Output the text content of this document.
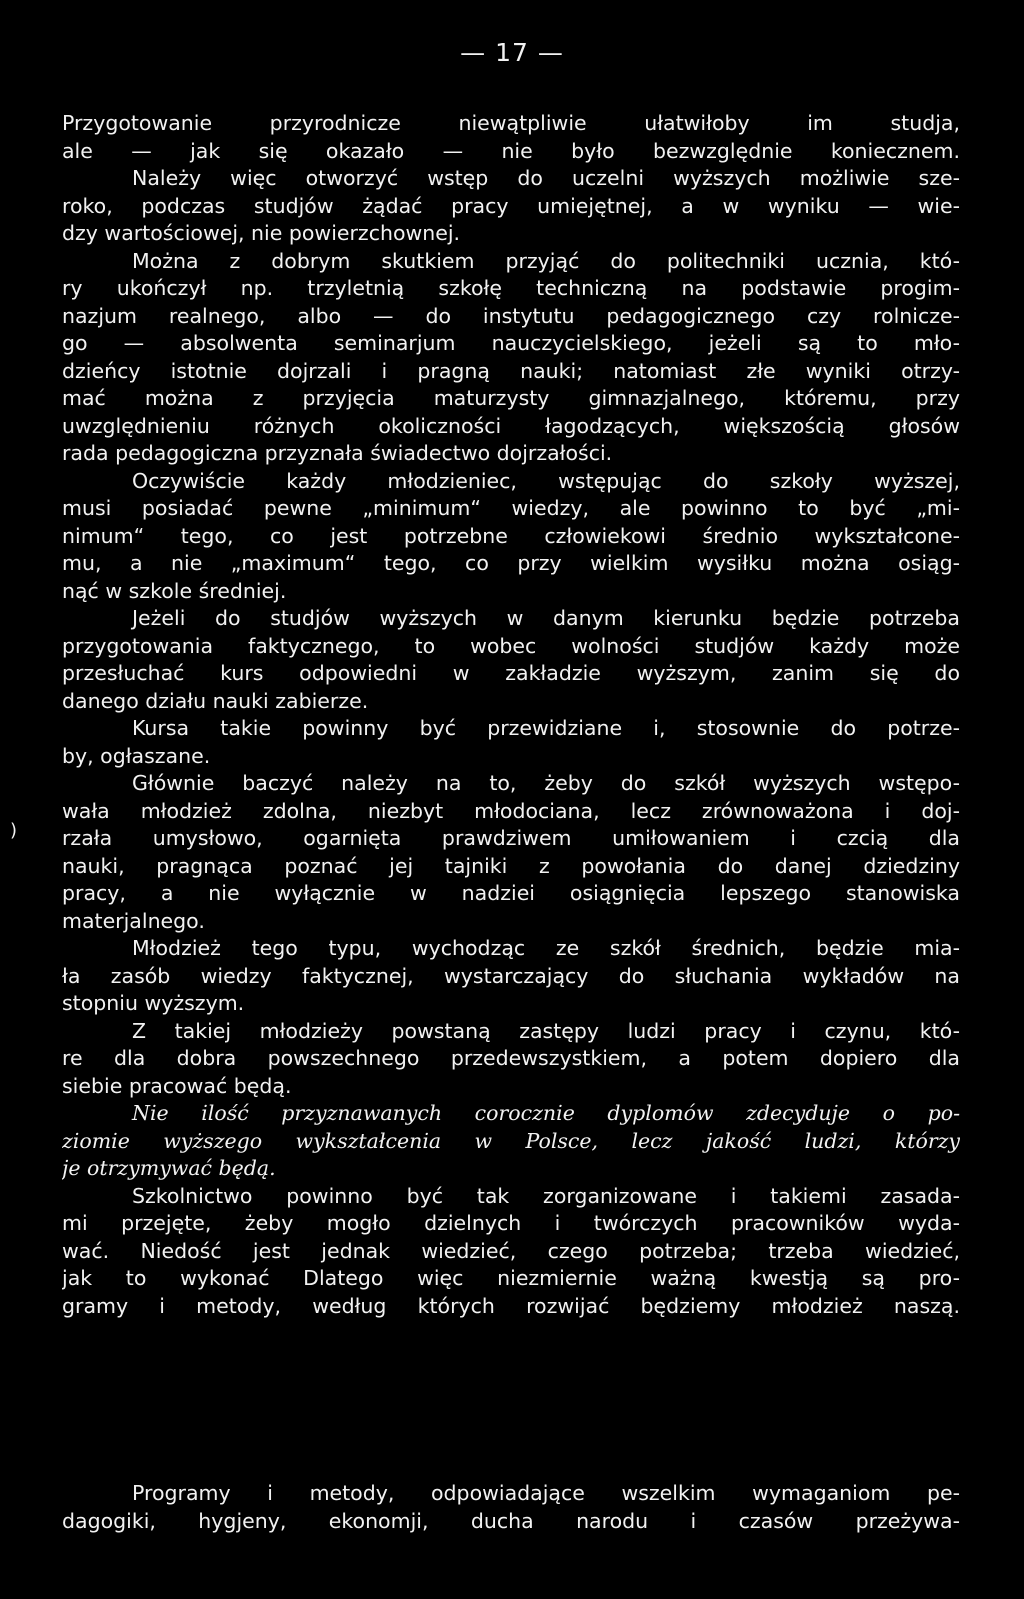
— 17 —
)
Przygotowanie przyrodnicze niewątpliwie ułatwiłoby im studja,
ale — jak się okazało — nie było bezwzględnie koniecznem.
Należy więc otworzyć wstęp do uczelni wyższych możliwie sze-
roko, podczas studjów żądać pracy umiejętnej, a w wyniku — wie-
dzy wartościowej, nie powierzchownej.
Można z dobrym skutkiem przyjąć do politechniki ucznia, któ-
ry ukończył np. trzyletnią szkołę techniczną na podstawie progim-
nazjum realnego, albo — do instytutu pedagogicznego czy rolnicze-
go — absolwenta seminarjum nauczycielskiego, jeżeli są to mło-
dzieńcy istotnie dojrzali i pragną nauki; natomiast złe wyniki otrzy-
mać można z przyjęcia maturzysty gimnazjalnego, któremu, przy
uwzględnieniu różnych okoliczności łagodzących, większością głosów
rada pedagogiczna przyznała świadectwo dojrzałości.
Oczywiście każdy młodzieniec, wstępując do szkoły wyższej,
musi posiadać pewne „minimum“ wiedzy, ale powinno to być „mi-
nimum“ tego, co jest potrzebne człowiekowi średnio wykształcone-
mu, a nie „maximum“ tego, co przy wielkim wysiłku można osiąg-
nąć w szkole średniej.
Jeżeli do studjów wyższych w danym kierunku będzie potrzeba
przygotowania faktycznego, to wobec wolności studjów każdy może
przesłuchać kurs odpowiedni w zakładzie wyższym, zanim się do
danego działu nauki zabierze.
Kursa takie powinny być przewidziane i, stosownie do potrze-
by, ogłaszane.
Głównie baczyć należy na to, żeby do szkół wyższych wstępo-
wała młodzież zdolna, niezbyt młodociana, lecz zrównoważona i doj-
rzała umysłowo, ogarnięta prawdziwem umiłowaniem i czcią dla
nauki, pragnąca poznać jej tajniki z powołania do danej dziedziny
pracy, a nie wyłącznie w nadziei osiągnięcia lepszego stanowiska
materjalnego.
Młodzież tego typu, wychodząc ze szkół średnich, będzie mia-
ła zasób wiedzy faktycznej, wystarczający do słuchania wykładów na
stopniu wyższym.
Z takiej młodzieży powstaną zastępy ludzi pracy i czynu, któ-
re dla dobra powszechnego przedewszystkiem, a potem dopiero dla
siebie pracować będą.
Nie ilość przyznawanych corocznie dyplomów zdecyduje o po-
ziomie wyższego wykształcenia w Polsce, lecz jakość ludzi, którzy
je otrzymywać będą.
Szkolnictwo powinno być tak zorganizowane i takiemi zasada-
mi przejęte, żeby mogło dzielnych i twórczych pracowników wyda-
wać. Niedość jest jednak wiedzieć, czego potrzeba; trzeba wiedzieć,
jak to wykonać Dlatego więc niezmiernie ważną kwestją są pro-
gramy i metody, według których rozwijać będziemy młodzież naszą.
Programy i metody, odpowiadające wszelkim wymaganiom pe-
dagogiki, hygjeny, ekonomji, ducha narodu i czasów przeżywa-
